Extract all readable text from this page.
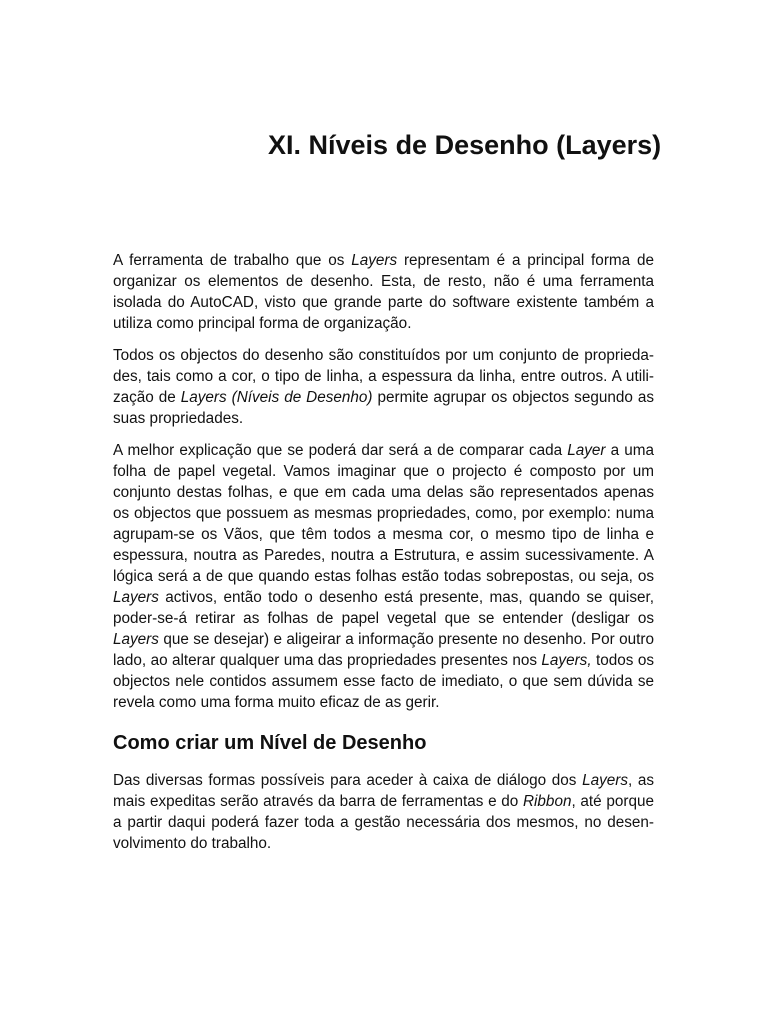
XI. Níveis de Desenho (Layers)

A ferramenta de trabalho que os Layers representam é a principal forma de organizar os elementos de desenho. Esta, de resto, não é uma ferramenta isolada do AutoCAD, visto que grande parte do software existente também a utiliza como principal forma de organização.

Todos os objectos do desenho são constituídos por um conjunto de propriedades, tais como a cor, o tipo de linha, a espessura da linha, entre outros. A utilização de Layers (Níveis de Desenho) permite agrupar os objectos segundo as suas propriedades.

A melhor explicação que se poderá dar será a de comparar cada Layer a uma folha de papel vegetal. Vamos imaginar que o projecto é composto por um conjunto destas folhas, e que em cada uma delas são representados apenas os objectos que possuem as mesmas propriedades, como, por exemplo: numa agrupam-se os Vãos, que têm todos a mesma cor, o mesmo tipo de linha e espessura, noutra as Paredes, noutra a Estrutura, e assim sucessivamente. A lógica será a de que quando estas folhas estão todas sobrepostas, ou seja, os Layers activos, então todo o desenho está presente, mas, quando se quiser, poder-se-á retirar as folhas de papel vegetal que se entender (desligar os Layers que se desejar) e aligeirar a informação presente no desenho. Por outro lado, ao alterar qualquer uma das propriedades presentes nos Layers, todos os objectos nele contidos assumem esse facto de imediato, o que sem dúvida se revela como uma forma muito eficaz de as gerir.

Como criar um Nível de Desenho

Das diversas formas possíveis para aceder à caixa de diálogo dos Layers, as mais expeditas serão através da barra de ferramentas e do Ribbon, até porque a partir daqui poderá fazer toda a gestão necessária dos mesmos, no desenvolvimento do trabalho.
